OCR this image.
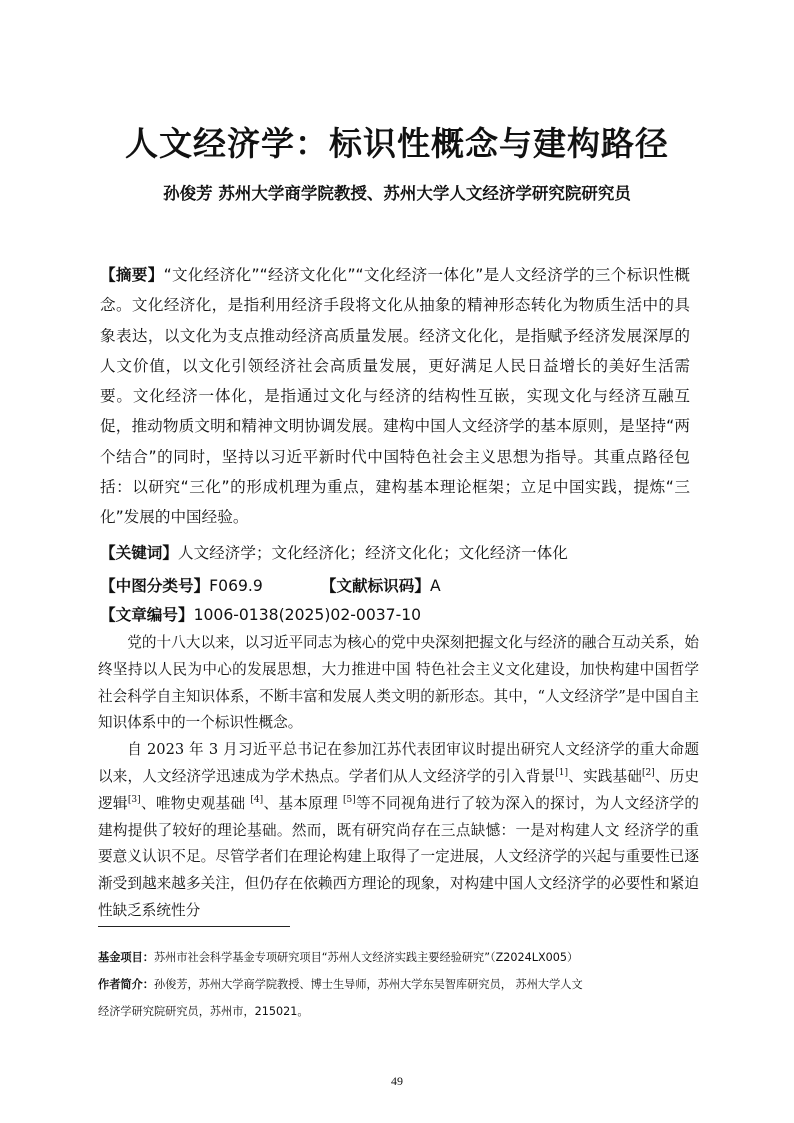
人文经济学：标识性概念与建构路径
孙俊芳 苏州大学商学院教授、苏州大学人文经济学研究院研究员

【摘要】“文化经济化”“经济文化化”“文化经济一体化”是人文经济学的三个标识性概念。文化经济化，是指利用经济手段将文化从抽象的精神形态转化为物质生活中的具象表达，以文化为支点推动经济高质量发展。经济文化化，是指赋予经济发展深厚的人文价值，以文化引领经济社会高质量发展，更好满足人民日益增长的美好生活需要。文化经济一体化，是指通过文化与经济的结构性互嵌，实现文化与经济互融互促，推动物质文明和精神文明协调发展。建构中国人文经济学的基本原则，是坚持“两个结合”的同时，坚持以习近平新时代中国特色社会主义思想为指导。其重点路径包括：以研究“三化”的形成机理为重点，建构基本理论框架；立足中国实践，提炼“三化”发展的中国经验。

【关键词】人文经济学；文化经济化；经济文化化；文化经济一体化
【中图分类号】F069.9	【文献标识码】A
【文章编号】1006-0138(2025)02-0037-10

党的十八大以来，以习近平同志为核心的党中央深刻把握文化与经济的融合互动关系，始终坚持以人民为中心的发展思想，大力推进中国 特色社会主义文化建设，加快构建中国哲学社会科学自主知识体系，不断丰富和发展人类文明的新形态。其中，“人文经济学”是中国自主知识体系中的一个标识性概念。

自 2023 年 3 月习近平总书记在参加江苏代表团审议时提出研究人文经济学的重大命题以来，人文经济学迅速成为学术热点。学者们从人文经济学的引入背景[1]、实践基础[2]、历史逻辑[3]、唯物史观基础 [4]、基本原理 [5]等不同视角进行了较为深入的探讨，为人文经济学的建构提供了较好的理论基础。然而，既有研究尚存在三点缺憾：一是对构建人文 经济学的重要意义认识不足。尽管学者们在理论构建上取得了一定进展，人文经济学的兴起与重要性已逐渐受到越来越多关注，但仍存在依赖西方理论的现象，对构建中国人文经济学的必要性和紧迫性缺乏系统性分

基金项目：苏州市社会科学基金专项研究项目“苏州人文经济实践主要经验研究”（Z2024LX005）
作者简介：孙俊芳，苏州大学商学院教授、博士生导师，苏州大学东吴智库研究员， 苏州大学人文
经济学研究院研究员，苏州市，215021。
49
